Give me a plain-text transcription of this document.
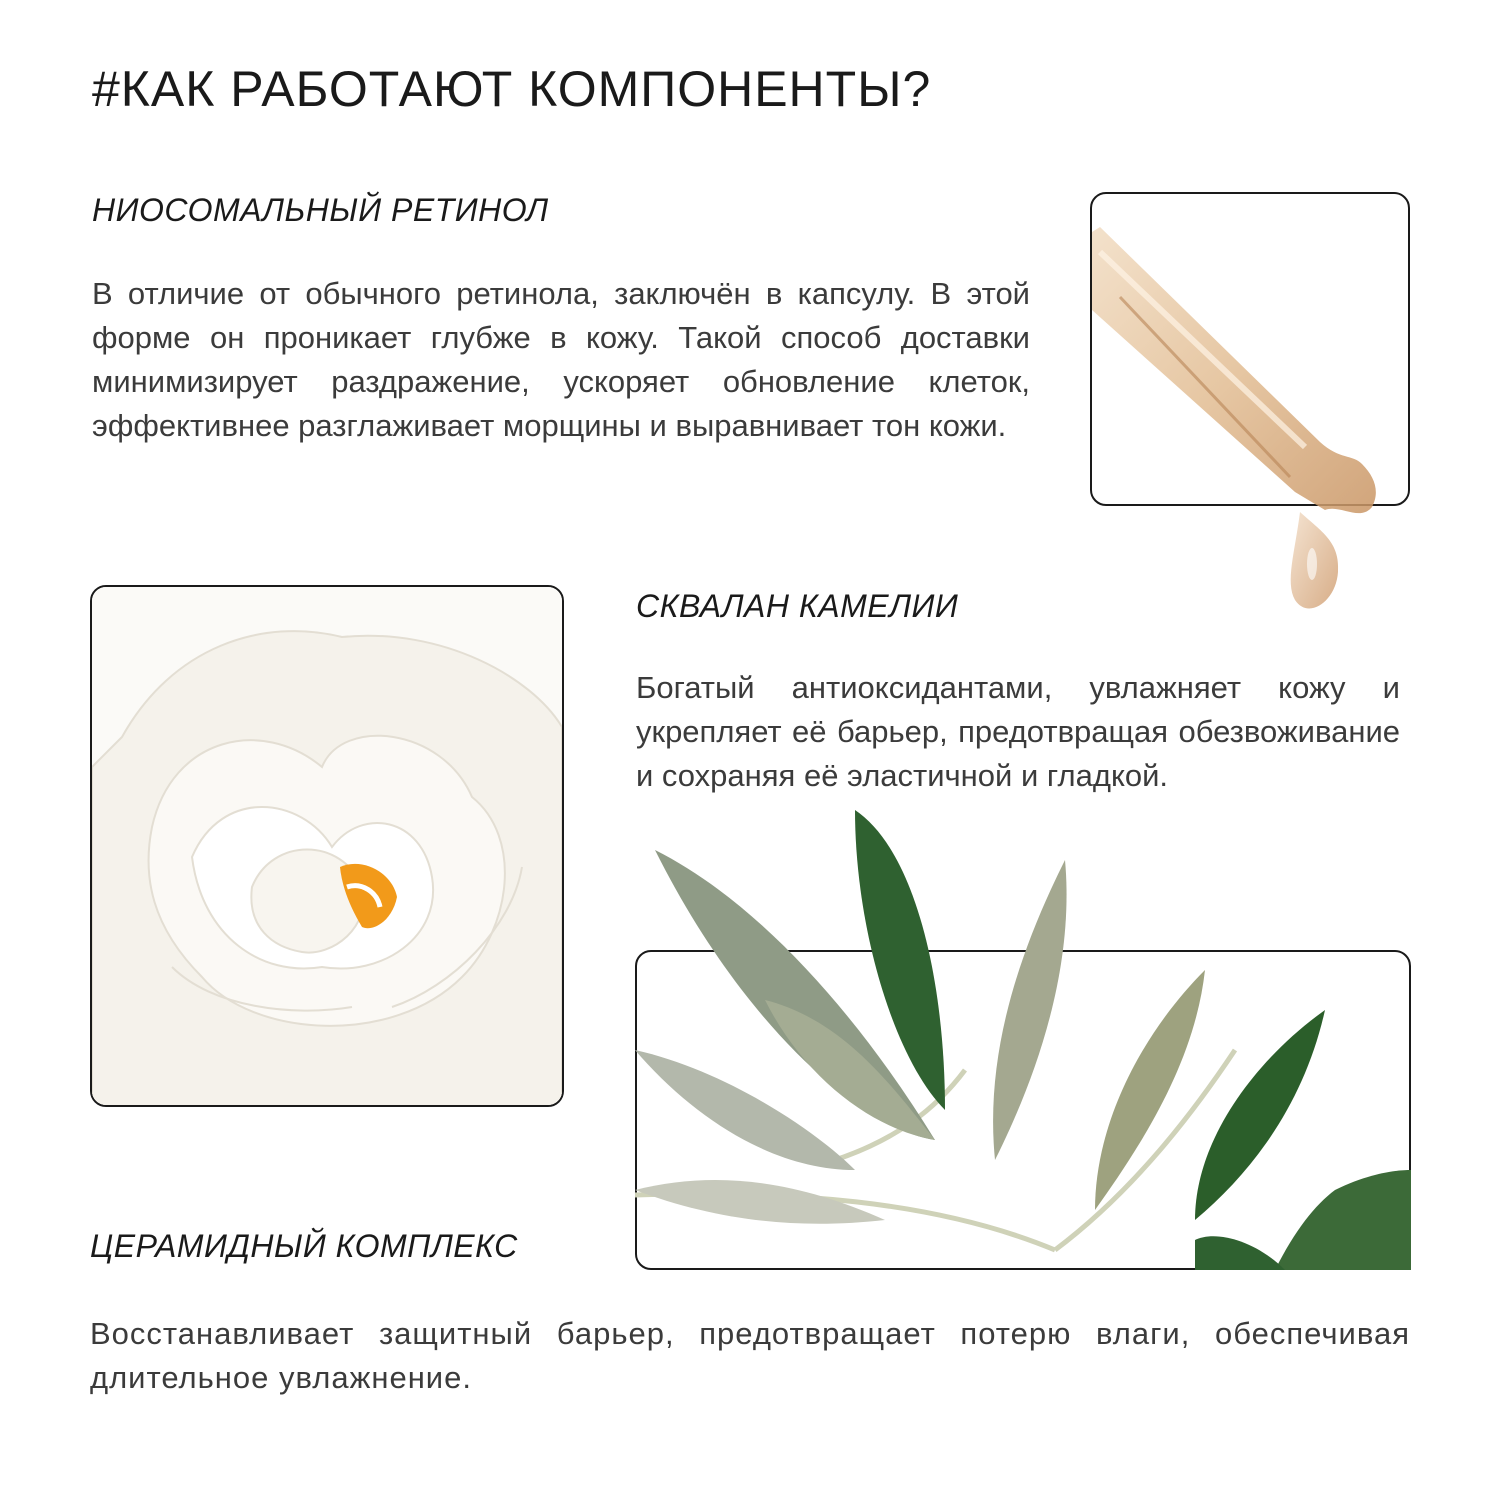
#КАК РАБОТАЮТ КОМПОНЕНТЫ?
НИОСОМАЛЬНЫЙ РЕТИНОЛ
В отличие от обычного ретинола, заключён в капсулу. В этой форме он проникает глубже в кожу. Такой способ доставки минимизирует раздражение, ускоряет обновление клеток, эффективнее разглаживает морщины и выравнивает тон кожи.
СКВАЛАН КАМЕЛИИ
Богатый антиоксидантами, увлажняет кожу и укрепляет её барьер, предотвращая обезвоживание и сохраняя её эластичной и гладкой.
ЦЕРАМИДНЫЙ КОМПЛЕКС
Восстанавливает защитный барьер, предотвращает потерю влаги, обеспечивая длительное увлажнение.
